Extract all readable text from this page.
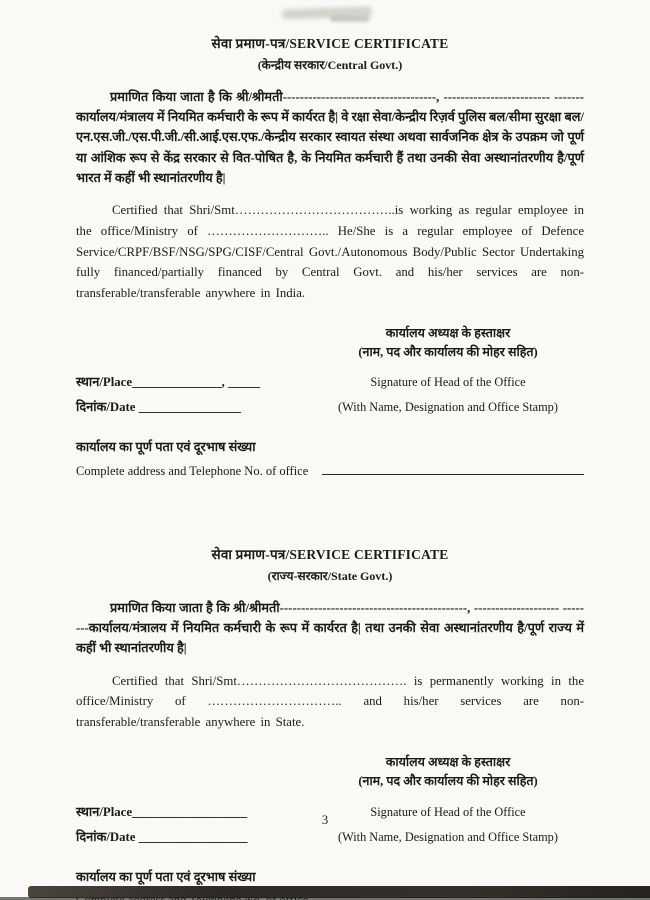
सेवा प्रमाण-पत्र/SERVICE CERTIFICATE
(केन्द्रीय सरकार/Central Govt.)
प्रमाणित किया जाता है कि श्री/श्रीमती------------------------------------, ------------------------- ------- कार्यालय/मंत्रालय में नियमित कर्मचारी के रूप में कार्यरत है| वे रक्षा सेवा/केन्द्रीय रिज़र्व पुलिस बल/सीमा सुरक्षा बल/एन.एस.जी./एस.पी.जी./सी.आई.एस.एफ./केन्द्रीय सरकार स्वायत संस्था अथवा सार्वजनिक क्षेत्र के उपक्रम जो पूर्ण या आंशिक रूप से केंद्र सरकार से वित-पोषित है, के नियमित कर्मचारी हैं तथा उनकी सेवा अस्थानांतरणीय है/पूर्ण भारत में कहीं भी स्थानांतरणीय है|
Certified that Shri/Smt………………………………..is working as regular employee in the office/Ministry of ……………………….. He/She is a regular employee of Defence Service/CRPF/BSF/NSG/SPG/CISF/Central Govt./Autonomous Body/Public Sector Undertaking fully financed/partially financed by Central Govt. and his/her services are non-transferable/transferable anywhere in India.
कार्यालय अध्यक्ष के हस्ताक्षर
(नाम, पद और कार्यालय की मोहर सहित)
स्थान/Place______________, _____	Signature of Head of the Office
दिनांक/Date ________________	(With Name, Designation and Office Stamp)
कार्यालय का पूर्ण पता एवं दूरभाष संख्या
Complete address and Telephone No. of office
सेवा प्रमाण-पत्र/SERVICE CERTIFICATE
(राज्य-सरकार/State Govt.)
प्रमाणित किया जाता है कि श्री/श्रीमती--------------------------------------------, -------------------- --------कार्यालय/मंत्रालय में नियमित कर्मचारी के रूप में कार्यरत है| तथा उनकी सेवा अस्थानांतरणीय है/पूर्ण राज्य में कहीं भी स्थानांतरणीय है|
Certified that Shri/Smt…………………………………. is permanently working in the office/Ministry of ………………………….. and his/her services are non-transferable/transferable anywhere in State.
कार्यालय अध्यक्ष के हस्ताक्षर
(नाम, पद और कार्यालय की मोहर सहित)
स्थान/Place__________________	Signature of Head of the Office
दिनांक/Date _________________	(With Name, Designation and Office Stamp)
कार्यालय का पूर्ण पता एवं दूरभाष संख्या
3
